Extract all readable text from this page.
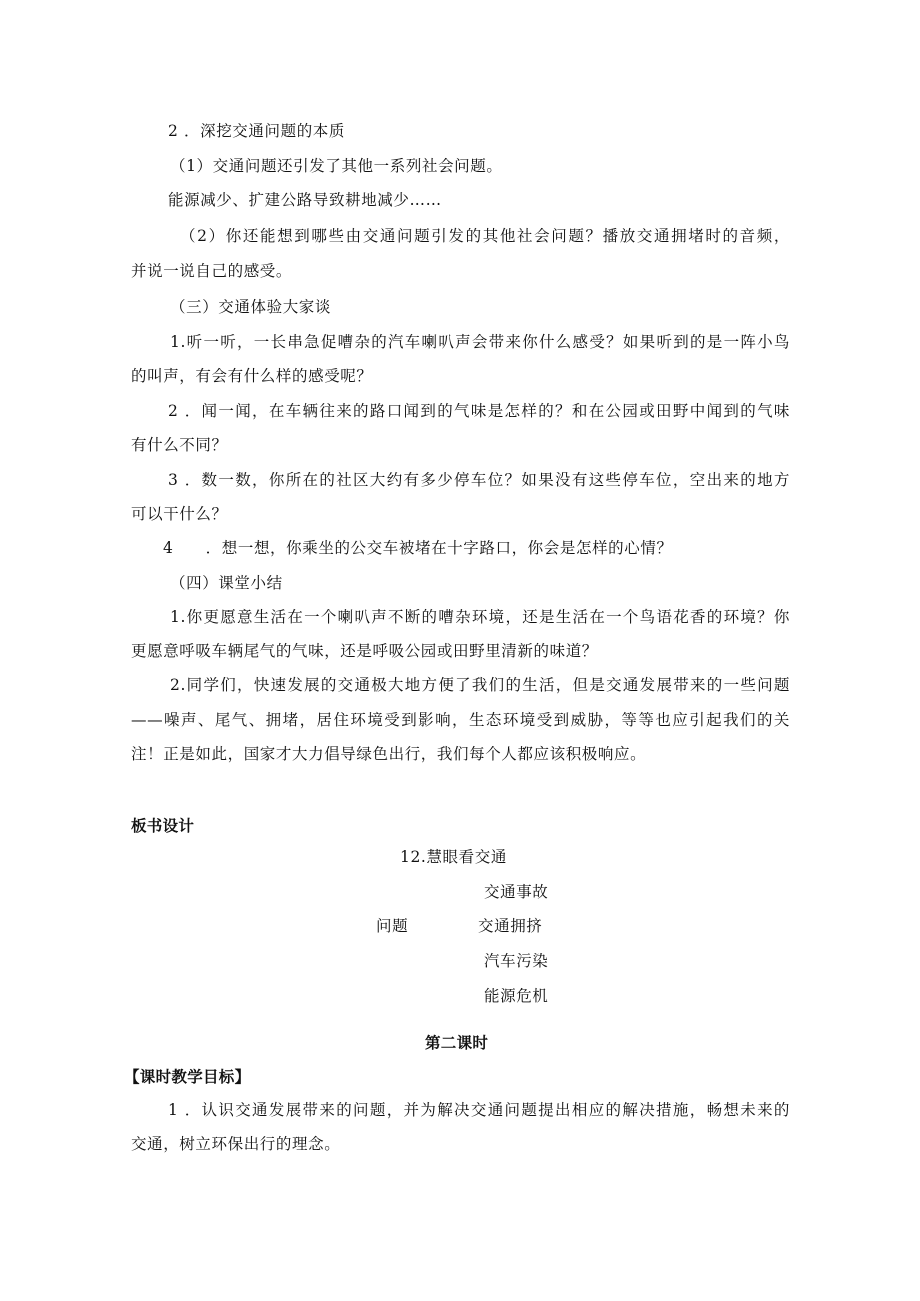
2 ．深挖交通问题的本质
（1）交通问题还引发了其他一系列社会问题。
能源减少、扩建公路导致耕地减少……
（2）你还能想到哪些由交通问题引发的其他社会问题？播放交通拥堵时的音频，
并说一说自己的感受。
（三）交通体验大家谈
1.听一听，一长串急促嘈杂的汽车喇叭声会带来你什么感受？如果听到的是一阵小鸟
的叫声，有会有什么样的感受呢？
2 ．闻一闻，在车辆往来的路口闻到的气味是怎样的？和在公园或田野中闻到的气味
有什么不同？
3 ．数一数，你所在的社区大约有多少停车位？如果没有这些停车位，空出来的地方
可以干什么？
4　　．想一想，你乘坐的公交车被堵在十字路口，你会是怎样的心情？
（四）课堂小结
1.你更愿意生活在一个喇叭声不断的嘈杂环境，还是生活在一个鸟语花香的环境？你
更愿意呼吸车辆尾气的气味，还是呼吸公园或田野里清新的味道？
2.同学们，快速发展的交通极大地方便了我们的生活，但是交通发展带来的一些问题
——噪声、尾气、拥堵，居住环境受到影响，生态环境受到威胁，等等也应引起我们的关
注！正是如此，国家才大力倡导绿色出行，我们每个人都应该积极响应。
板书设计
12.慧眼看交通
交通事故
问题	交通拥挤
汽车污染
能源危机
第二课时
【课时教学目标】
1 ．认识交通发展带来的问题，并为解决交通问题提出相应的解决措施，畅想未来的
交通，树立环保出行的理念。
